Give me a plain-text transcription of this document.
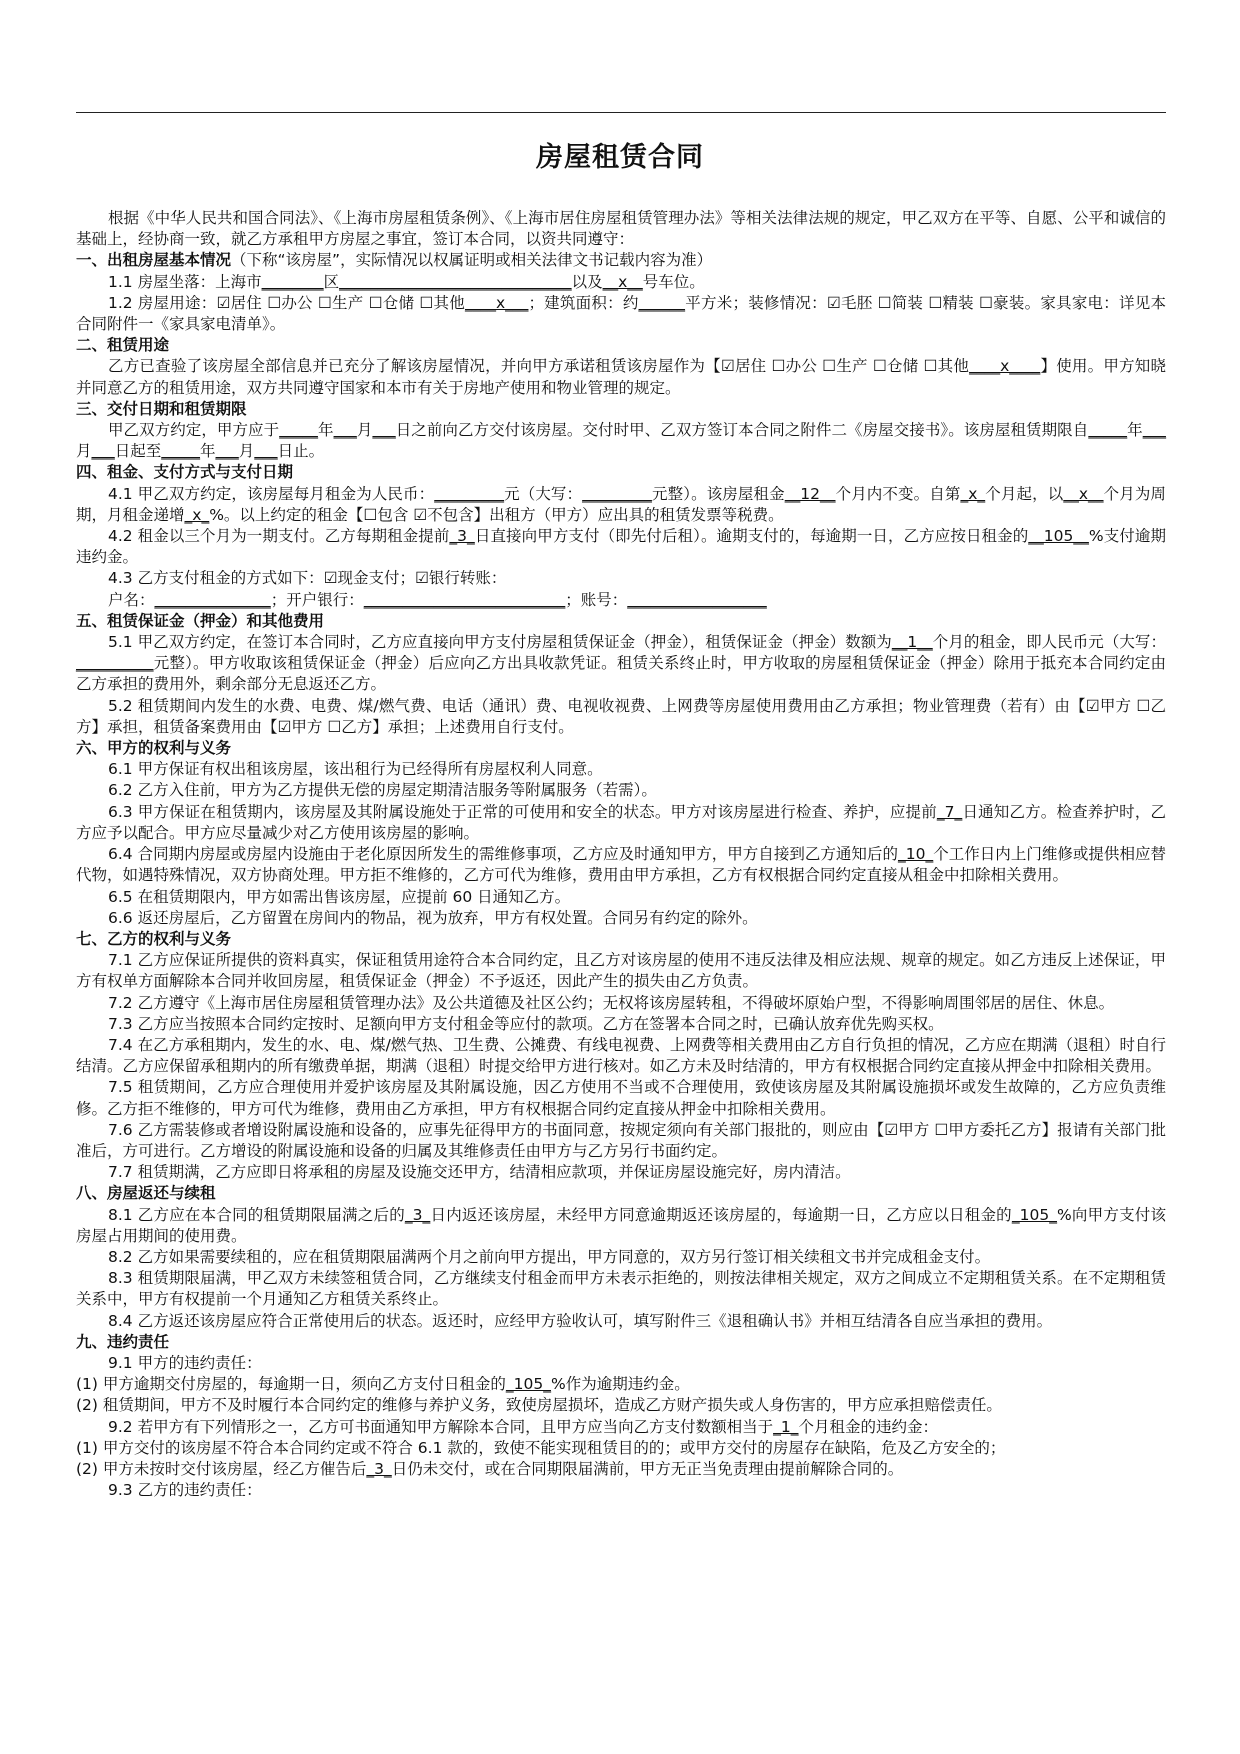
房屋租赁合同

根据《中华人民共和国合同法》、《上海市房屋租赁条例》、《上海市居住房屋租赁管理办法》等相关法律法规的规定，甲乙双方在平等、自愿、公平和诚信的基础上，经协商一致，就乙方承租甲方房屋之事宜，签订本合同，以资共同遵守：

一、出租房屋基本情况（下称“该房屋”，实际情况以权属证明或相关法律文书记载内容为准）

1.1 房屋坐落：上海市________区______________________________以及__x__号车位。

1.2 房屋用途：☑居住 ☐办公 ☐生产 ☐仓储 ☐其他____x___；建筑面积：约______平方米；装修情况：☑毛胚 ☐简装 ☐精装 ☐豪装。家具家电：详见本合同附件一《家具家电清单》。

二、租赁用途

乙方已查验了该房屋全部信息并已充分了解该房屋情况，并向甲方承诺租赁该房屋作为【☑居住 ☐办公 ☐生产 ☐仓储 ☐其他____x____】使用。甲方知晓并同意乙方的租赁用途，双方共同遵守国家和本市有关于房地产使用和物业管理的规定。

三、交付日期和租赁期限

甲乙双方约定，甲方应于_____年___月___日之前向乙方交付该房屋。交付时甲、乙双方签订本合同之附件二《房屋交接书》。该房屋租赁期限自_____年___月___日起至_____年___月___日止。

四、租金、支付方式与支付日期

4.1 甲乙双方约定，该房屋每月租金为人民币：_________元（大写：_________元整）。该房屋租金__12__个月内不变。自第_x_个月起，以__x__个月为周期，月租金递增_x_%。以上约定的租金【☐包含 ☑不包含】出租方（甲方）应出具的租赁发票等税费。

4.2 租金以三个月为一期支付。乙方每期租金提前_3_日直接向甲方支付（即先付后租）。逾期支付的，每逾期一日，乙方应按日租金的__105__%支付逾期违约金。

4.3 乙方支付租金的方式如下：☑现金支付；☑银行转账：

户名：_______________；开户银行：__________________________；账号：__________________

五、租赁保证金（押金）和其他费用

5.1 甲乙双方约定，在签订本合同时，乙方应直接向甲方支付房屋租赁保证金（押金），租赁保证金（押金）数额为__1__个月的租金，即人民币元（大写：__________元整）。甲方收取该租赁保证金（押金）后应向乙方出具收款凭证。租赁关系终止时，甲方收取的房屋租赁保证金（押金）除用于抵充本合同约定由乙方承担的费用外，剩余部分无息返还乙方。

5.2 租赁期间内发生的水费、电费、煤/燃气费、电话（通讯）费、电视收视费、上网费等房屋使用费用由乙方承担；物业管理费（若有）由【☑甲方 ☐乙方】承担，租赁备案费用由【☑甲方 ☐乙方】承担；上述费用自行支付。

六、甲方的权利与义务

6.1 甲方保证有权出租该房屋，该出租行为已经得所有房屋权利人同意。

6.2 乙方入住前，甲方为乙方提供无偿的房屋定期清洁服务等附属服务（若需）。

6.3 甲方保证在租赁期内，该房屋及其附属设施处于正常的可使用和安全的状态。甲方对该房屋进行检查、养护，应提前_7_日通知乙方。检查养护时，乙方应予以配合。甲方应尽量减少对乙方使用该房屋的影响。

6.4 合同期内房屋或房屋内设施由于老化原因所发生的需维修事项，乙方应及时通知甲方，甲方自接到乙方通知后的_10_个工作日内上门维修或提供相应替代物，如遇特殊情况，双方协商处理。甲方拒不维修的，乙方可代为维修，费用由甲方承担，乙方有权根据合同约定直接从租金中扣除相关费用。

6.5 在租赁期限内，甲方如需出售该房屋，应提前 60 日通知乙方。

6.6 返还房屋后，乙方留置在房间内的物品，视为放弃，甲方有权处置。合同另有约定的除外。

七、乙方的权利与义务

7.1 乙方应保证所提供的资料真实，保证租赁用途符合本合同约定，且乙方对该房屋的使用不违反法律及相应法规、规章的规定。如乙方违反上述保证，甲方有权单方面解除本合同并收回房屋，租赁保证金（押金）不予返还，因此产生的损失由乙方负责。

7.2 乙方遵守《上海市居住房屋租赁管理办法》及公共道德及社区公约；无权将该房屋转租，不得破坏原始户型，不得影响周围邻居的居住、休息。

7.3 乙方应当按照本合同约定按时、足额向甲方支付租金等应付的款项。乙方在签署本合同之时，已确认放弃优先购买权。

7.4 在乙方承租期内，发生的水、电、煤/燃气热、卫生费、公摊费、有线电视费、上网费等相关费用由乙方自行负担的情况，乙方应在期满（退租）时自行结清。乙方应保留承租期内的所有缴费单据，期满（退租）时提交给甲方进行核对。如乙方未及时结清的，甲方有权根据合同约定直接从押金中扣除相关费用。

7.5 租赁期间，乙方应合理使用并爱护该房屋及其附属设施，因乙方使用不当或不合理使用，致使该房屋及其附属设施损坏或发生故障的，乙方应负责维修。乙方拒不维修的，甲方可代为维修，费用由乙方承担，甲方有权根据合同约定直接从押金中扣除相关费用。

7.6 乙方需装修或者增设附属设施和设备的，应事先征得甲方的书面同意，按规定须向有关部门报批的，则应由【☑甲方 ☐甲方委托乙方】报请有关部门批准后，方可进行。乙方增设的附属设施和设备的归属及其维修责任由甲方与乙方另行书面约定。

7.7 租赁期满，乙方应即日将承租的房屋及设施交还甲方，结清相应款项，并保证房屋设施完好，房内清洁。

八、房屋返还与续租

8.1 乙方应在本合同的租赁期限届满之后的_3_日内返还该房屋，未经甲方同意逾期返还该房屋的，每逾期一日，乙方应以日租金的_105_%向甲方支付该房屋占用期间的使用费。

8.2 乙方如果需要续租的，应在租赁期限届满两个月之前向甲方提出，甲方同意的，双方另行签订相关续租文书并完成租金支付。

8.3 租赁期限届满，甲乙双方未续签租赁合同，乙方继续支付租金而甲方未表示拒绝的，则按法律相关规定，双方之间成立不定期租赁关系。在不定期租赁关系中，甲方有权提前一个月通知乙方租赁关系终止。

8.4 乙方返还该房屋应符合正常使用后的状态。返还时，应经甲方验收认可，填写附件三《退租确认书》并相互结清各自应当承担的费用。

九、违约责任

9.1 甲方的违约责任：

(1) 甲方逾期交付房屋的，每逾期一日，须向乙方支付日租金的_105_%作为逾期违约金。

(2) 租赁期间，甲方不及时履行本合同约定的维修与养护义务，致使房屋损坏，造成乙方财产损失或人身伤害的，甲方应承担赔偿责任。

9.2 若甲方有下列情形之一，乙方可书面通知甲方解除本合同，且甲方应当向乙方支付数额相当于_1_个月租金的违约金：

(1) 甲方交付的该房屋不符合本合同约定或不符合 6.1 款的，致使不能实现租赁目的的；或甲方交付的房屋存在缺陷，危及乙方安全的；

(2) 甲方未按时交付该房屋，经乙方催告后_3_日仍未交付，或在合同期限届满前，甲方无正当免责理由提前解除合同的。

9.3 乙方的违约责任：
